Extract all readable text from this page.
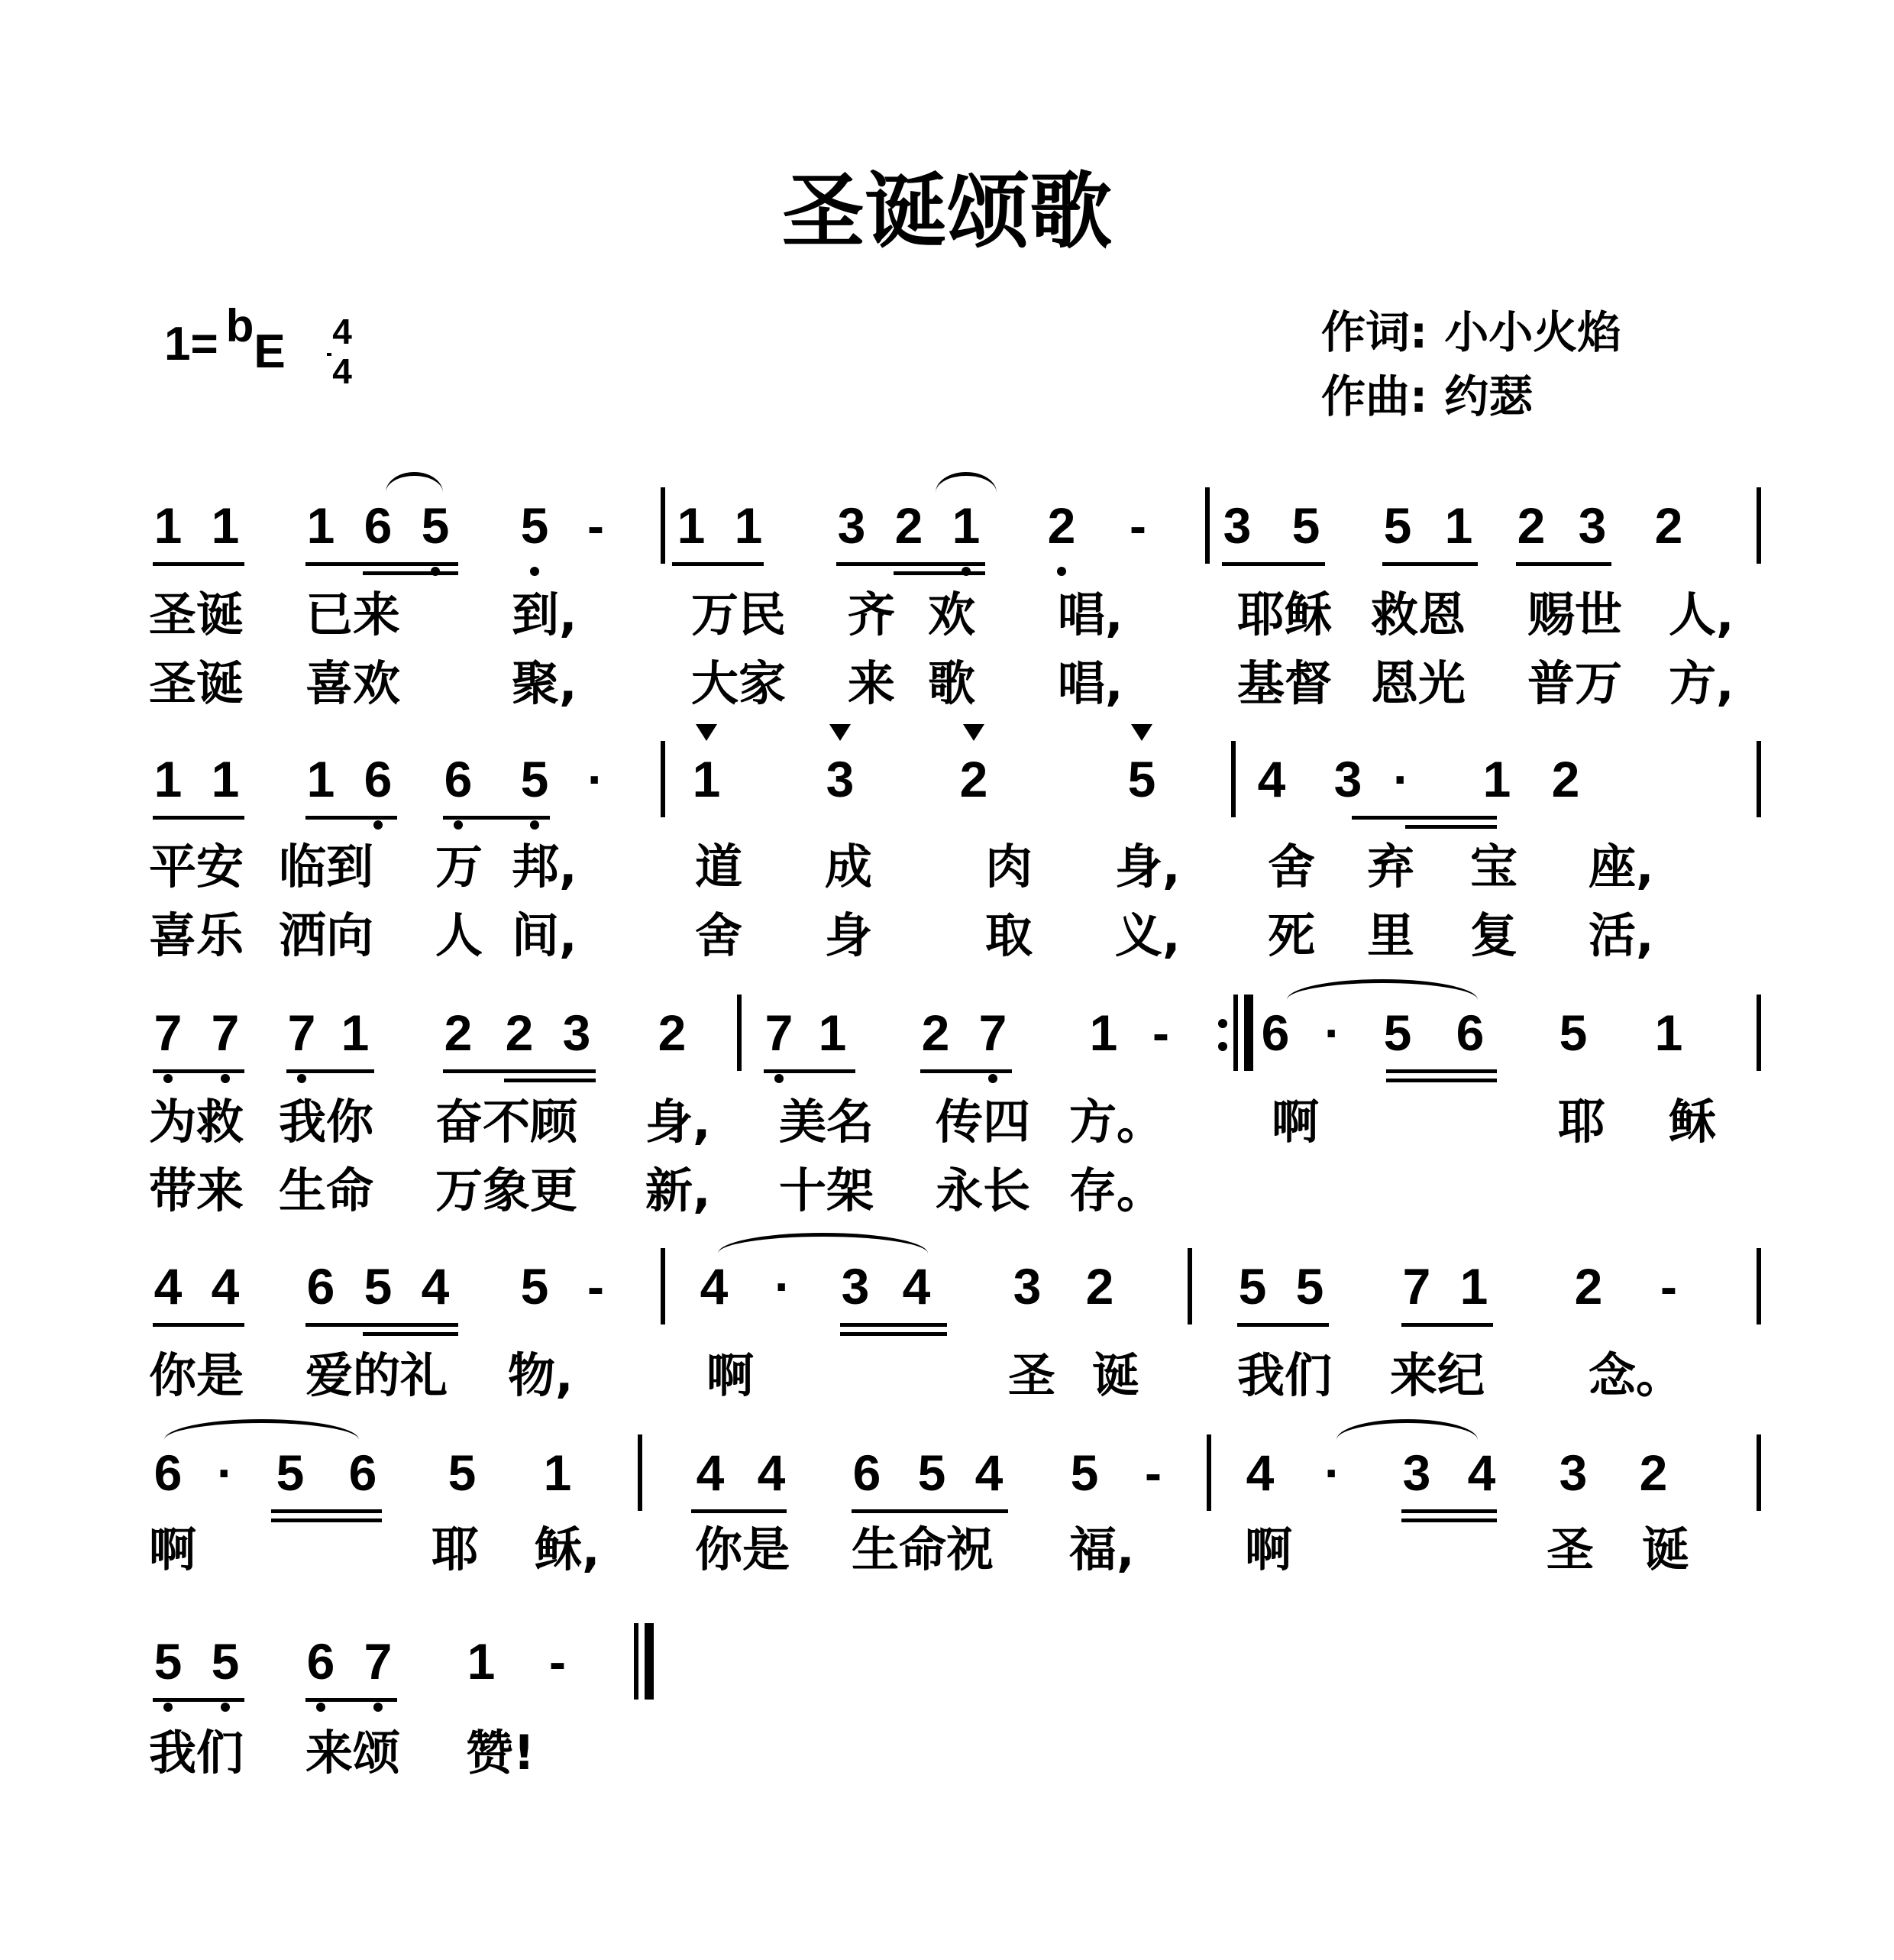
圣诞颂歌
1= bE 4
4
作词: 小小火焰
作曲: 约瑟
1 1 1 6 5 5 - 1 1 3 2 1 2 - 3 5 5 1 2 3 2
1 1 1 6 6 5 · 1 3 2	5 4 3 · 1 2
7 7 7 1 2 2 3 2 7 1 2 7 1 - 6 · 5 6 5 1
4 4 6 5 4 5 - 4 · 3 4 3 2 5 5 7 1 2 -
6 · 5 6 5 1 4 4 6 5 4 5 - 4 · 3 4 3 2
5 5 6 7 1 -
圣诞 已来 到, 万民 齐 欢 唱, 耶稣 救恩 赐世 人,
圣诞 喜欢 聚, 大家 来 歌 唱, 基督 恩光 普万 方,
平安 临到 万 邦, 道 成 肉 身, 舍 弃 宝 座,
喜乐 洒向 人 间, 舍 身 取 义, 死 里 复 活,
为救 我你 奋不顾 身, 美名 传四 方。 啊	耶 稣
带来 生命 万象更 新, 十架 永长 存。
你是 爱的礼 物,	啊	圣 诞 我们 来纪 念。
啊	耶 稣, 你是 生命祝 福, 啊	圣 诞
我们 来颂 赞!
